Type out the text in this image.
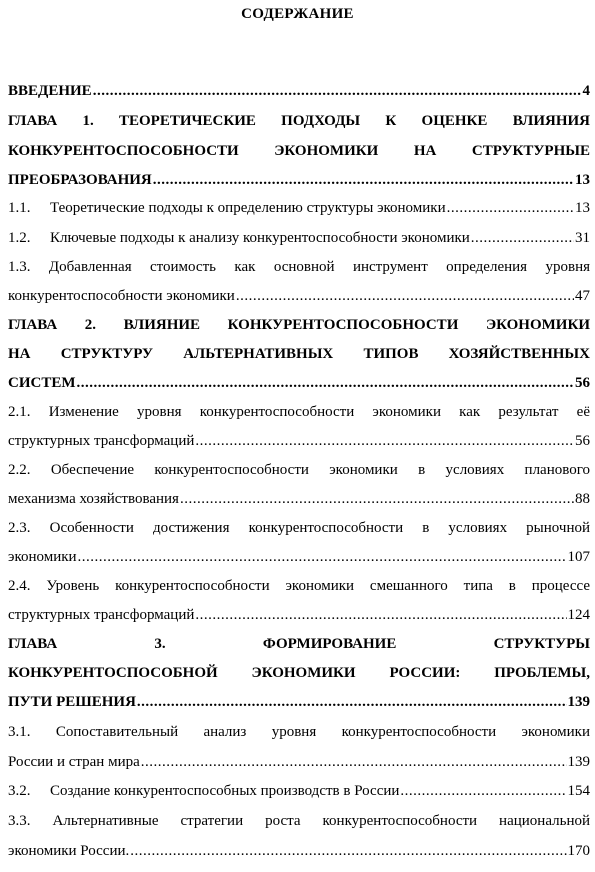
СОДЕРЖАНИЕ
ВВЕДЕНИЕ .....	4
ГЛАВА 1. ТЕОРЕТИЧЕСКИЕ ПОДХОДЫ К ОЦЕНКЕ ВЛИЯНИЯ
КОНКУРЕНТОСПОСОБНОСТИ ЭКОНОМИКИ НА СТРУКТУРНЫЕ
ПРЕОБРАЗОВАНИЯ .....	13
1.1. Теоретические подходы к определению структуры экономики .....	13
1.2. Ключевые подходы к анализу конкурентоспособности экономики .....	31
1.3. Добавленная стоимость как основной инструмент определения уровня
конкурентоспособности экономики .....	47
ГЛАВА 2. ВЛИЯНИЕ КОНКУРЕНТОСПОСОБНОСТИ ЭКОНОМИКИ
НА СТРУКТУРУ АЛЬТЕРНАТИВНЫХ ТИПОВ ХОЗЯЙСТВЕННЫХ
СИСТЕМ .....	56
2.1. Изменение уровня конкурентоспособности экономики как результат её
структурных трансформаций .....	56
2.2. Обеспечение конкурентоспособности экономики в условиях планового
механизма хозяйствования .....	88
2.3. Особенности достижения конкурентоспособности в условиях рыночной
экономики .....	107
2.4. Уровень конкурентоспособности экономики смешанного типа в процессе
структурных трансформаций .....	124
ГЛАВА 3. ФОРМИРОВАНИЕ СТРУКТУРЫ
КОНКУРЕНТОСПОСОБНОЙ ЭКОНОМИКИ РОССИИ: ПРОБЛЕМЫ,
ПУТИ РЕШЕНИЯ .....	139
3.1. Сопоставительный анализ уровня конкурентоспособности экономики
России и стран мира .....	139
3.2. Создание конкурентоспособных производств в России .....	154
3.3. Альтернативные стратегии роста конкурентоспособности национальной
экономики России. .....	170
